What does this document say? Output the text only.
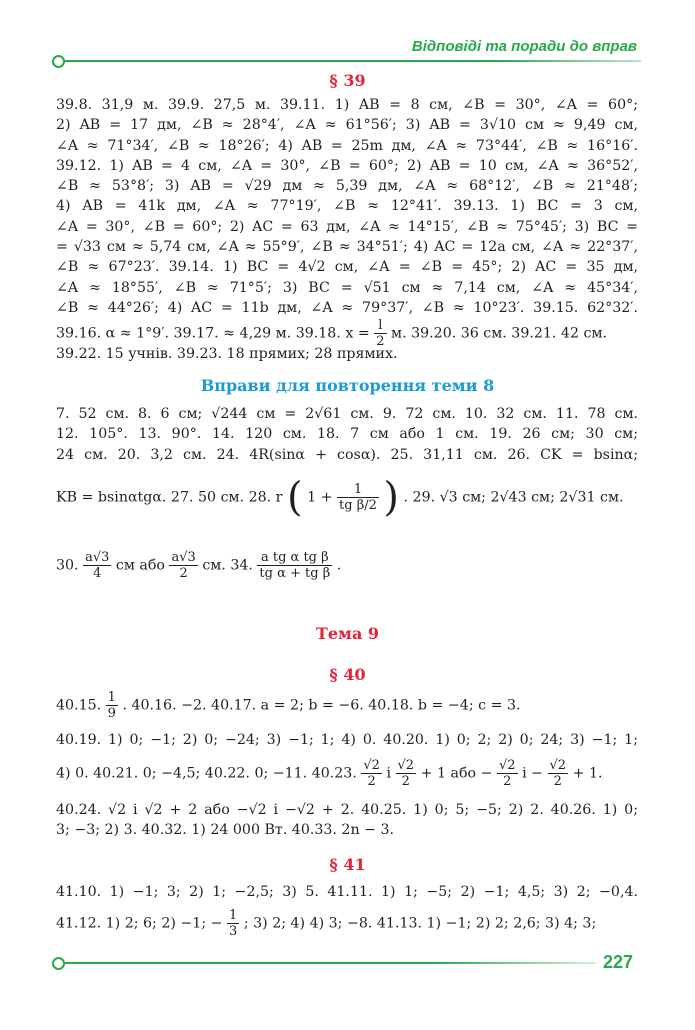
Відповіді та поради до вправ
§ 39
39.8. 31,9 м. 39.9. 27,5 м. 39.11. 1) AB = 8 см, ∠B = 30°, ∠A = 60°;
2) AB = 17 дм, ∠B ≈ 28°4′, ∠A ≈ 61°56′; 3) AB = 3√10 см ≈ 9,49 см,
∠A ≈ 71°34′, ∠B ≈ 18°26′; 4) AB = 25m дм, ∠A ≈ 73°44′, ∠B ≈ 16°16′.
39.12. 1) AB = 4 см, ∠A = 30°, ∠B = 60°; 2) AB = 10 см, ∠A ≈ 36°52′,
∠B ≈ 53°8′; 3) AB = √29 дм ≈ 5,39 дм, ∠A ≈ 68°12′, ∠B ≈ 21°48′;
4) AB = 41k дм, ∠A ≈ 77°19′, ∠B ≈ 12°41′. 39.13. 1) BC = 3 см,
∠A = 30°, ∠B = 60°; 2) AC = 63 дм, ∠A ≈ 14°15′, ∠B ≈ 75°45′; 3) BC =
= √33 см ≈ 5,74 см, ∠A ≈ 55°9′, ∠B ≈ 34°51′; 4) AC = 12a см, ∠A ≈ 22°37′,
∠B ≈ 67°23′. 39.14. 1) BC = 4√2 см, ∠A = ∠B = 45°; 2) AC = 35 дм,
∠A ≈ 18°55′, ∠B ≈ 71°5′; 3) BC = √51 см ≈ 7,14 см, ∠A ≈ 45°34′,
∠B ≈ 44°26′; 4) AC = 11b дм, ∠A ≈ 79°37′, ∠B ≈ 10°23′. 39.15. 62°32′.
39.16. α ≈ 1°9′. 39.17. ≈ 4,29 м. 39.18. $x = \frac{l}{2} м$. 39.20. 36 см. 39.21. 42 см.
39.22. 15 учнів. 39.23. 18 прямих; 28 прямих.
Вправи для повторення теми 8
7. 52 см. 8. 6 см; √244 см = 2√61 см. 9. 72 см. 10. 32 см. 11. 78 см.
12. 105°. 13. 90°. 14. 120 см. 18. 7 см або 1 см. 19. 26 см; 30 см;
24 см. 20. 3,2 см. 24. 4R(sinα + cosα). 25. 31,11 см. 26. CK = bsinα;
KB = bsinαtgα. 27. 50 см. 28. r ( $1 + \frac{1}{\text{tg β/2}}$ ) . 29. √3 см; 2√43 см; 2√31 см.
30. $\frac{a√3}{4}$ см або $\frac{a√3}{2}$ см. 34. $\frac{\text{a tg α tg β}}{\text{tg α + tg β}}$ .
Тема 9
§ 40
40.15. $\frac{1}{9}$ . 40.16. −2. 40.17. a = 2; b = −6. 40.18. b = −4; c = 3.
40.19. 1) 0; −1; 2) 0; −24; 3) −1; 1; 4) 0. 40.20. 1) 0; 2; 2) 0; 24; 3) −1; 1;
4) 0. 40.21. 0; −4,5; 40.22. 0; −11. 40.23. $\frac{√2}{2}$ і $\frac{√2}{2} + 1$ або − $\frac{√2}{2}$ $і - \frac{√2}{2} + 1$.
40.24. √2 і √2 + 2 або −√2 і −√2 + 2. 40.25. 1) 0; 5; −5; 2) 2. 40.26. 1) 0;
3; −3; 2) 3. 40.32. 1) 24 000 Вт. 40.33. 2n − 3.
§ 41
41.10. 1) −1; 3; 2) 1; −2,5; 3) 5. 41.11. 1) 1; −5; 2) −1; 4,5; 3) 2; −0,4.
41.12. 1) 2; 6; 2) −1; − $\frac{1}{3}$ ; 3) 2; 4) 4) 3; −8. 41.13. 1) −1; 2) 2; 2,6; 3) 4; 3;
227
